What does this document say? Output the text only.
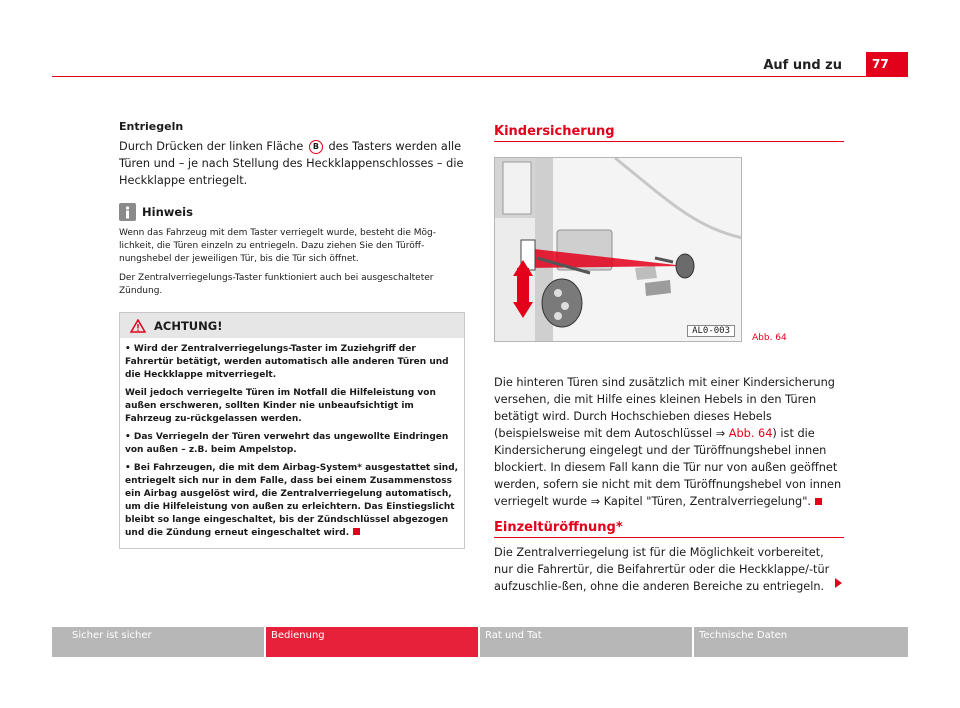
Auf und zu	77

Entriegeln

Durch Drücken der linken Fläche B des Tasters werden alle Türen und – je nach Stellung des Heckklappenschlosses – die Heckklappe entriegelt.

Hinweis

Wenn das Fahrzeug mit dem Taster verriegelt wurde, besteht die Mög-lichkeit, die Türen einzeln zu entriegeln. Dazu ziehen Sie den Türöff-nungshebel der jeweiligen Tür, bis die Tür sich öffnet.

Der Zentralverriegelungs-Taster funktioniert auch bei ausgeschalteter Zündung.

ACHTUNG!

• Wird der Zentralverriegelungs-Taster im Zuziehgriff der Fahrertür betätigt, werden automatisch alle anderen Türen und die Heckklappe mitverriegelt.

Weil jedoch verriegelte Türen im Notfall die Hilfeleistung von außen erschweren, sollten Kinder nie unbeaufsichtigt im Fahrzeug zu-rückgelassen werden.

• Das Verriegeln der Türen verwehrt das ungewollte Eindringen von außen – z.B. beim Ampelstop.

• Bei Fahrzeugen, die mit dem Airbag-System* ausgestattet sind, entriegelt sich nur in dem Falle, dass bei einem Zusammenstoss ein Airbag ausgelöst wird, die Zentralverriegelung automatisch, um die Hilfeleistung von außen zu erleichtern. Das Einstiegslicht bleibt so lange eingeschaltet, bis der Zündschlüssel abgezogen und die Zündung erneut eingeschaltet wird.

Kindersicherung
AL0-003
Abb. 64

Die hinteren Türen sind zusätzlich mit einer Kindersicherung versehen, die mit Hilfe eines kleinen Hebels in den Türen betätigt wird. Durch Hochschieben dieses Hebels (beispielsweise mit dem Autoschlüssel ⇒ Abb. 64) ist die Kindersicherung eingelegt und der Türöffnungshebel innen blockiert. In diesem Fall kann die Tür nur von außen geöffnet werden, sofern sie nicht mit dem Türöffnungshebel von innen verriegelt wurde ⇒ Kapitel "Türen, Zentralverriegelung".

Einzeltüröffnung*

Die Zentralverriegelung ist für die Möglichkeit vorbereitet, nur die Fahrertür, die Beifahrertür oder die Heckklappe/-tür aufzuschlie-ßen, ohne die anderen Bereiche zu entriegeln.

Sicher ist sicher	Bedienung	Rat und Tat	Technische Daten
